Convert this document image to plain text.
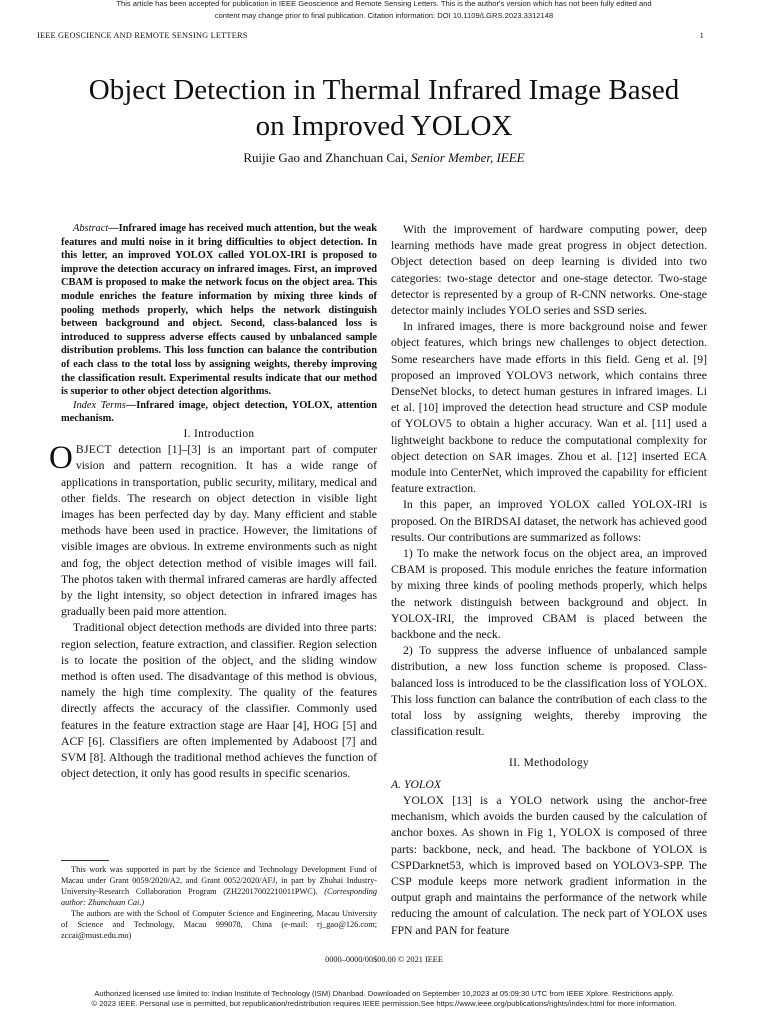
This article has been accepted for publication in IEEE Geoscience and Remote Sensing Letters. This is the author's version which has not been fully edited and
content may change prior to final publication. Citation information: DOI 10.1109/LGRS.2023.3312148
IEEE GEOSCIENCE AND REMOTE SENSING LETTERS	1
Object Detection in Thermal Infrared Image Based
on Improved YOLOX
Ruijie Gao and Zhanchuan Cai, Senior Member, IEEE

Abstract—Infrared image has received much attention, but the weak features and multi noise in it bring difficulties to object detection. In this letter, an improved YOLOX called YOLOX-IRI is proposed to improve the detection accuracy on infrared images. First, an improved CBAM is proposed to make the network focus on the object area. This module enriches the feature information by mixing three kinds of pooling methods properly, which helps the network distinguish between background and object. Second, class-balanced loss is introduced to suppress adverse effects caused by unbalanced sample distribution problems. This loss function can balance the contribution of each class to the total loss by assigning weights, thereby improving the classification result. Experimental results indicate that our method is superior to other object detection algorithms.

Index Terms—Infrared image, object detection, YOLOX, attention mechanism.

I. Introduction

OBJECT detection [1]–[3] is an important part of computer vision and pattern recognition. It has a wide range of applications in transportation, public security, military, medical and other fields. The research on object detection in visible light images has been perfected day by day. Many efficient and stable methods have been used in practice. However, the limitations of visible images are obvious. In extreme environments such as night and fog, the object detection method of visible images will fail. The photos taken with thermal infrared cameras are hardly affected by the light intensity, so object detection in infrared images has gradually been paid more attention.

Traditional object detection methods are divided into three parts: region selection, feature extraction, and classifier. Region selection is to locate the position of the object, and the sliding window method is often used. The disadvantage of this method is obvious, namely the high time complexity. The quality of the features directly affects the accuracy of the classifier. Commonly used features in the feature extraction stage are Haar [4], HOG [5] and ACF [6]. Classifiers are often implemented by Adaboost [7] and SVM [8]. Although the traditional method achieves the function of object detection, it only has good results in specific scenarios.

This work was supported in part by the Science and Technology Development Fund of Macau under Grant 0059/2020/A2, and Grant 0052/2020/AFJ, in part by Zhuhai Industry-University-Research Collaboration Program (ZH22017002210011PWC). (Corresponding author: Zhanchuan Cai.)

The authors are with the School of Computer Science and Engineering, Macau University of Science and Technology, Macau 999078, China (e-mail: rj_gao@126.com; zccai@must.edu.mo)

With the improvement of hardware computing power, deep learning methods have made great progress in object detection. Object detection based on deep learning is divided into two categories: two-stage detector and one-stage detector. Two-stage detector is represented by a group of R-CNN networks. One-stage detector mainly includes YOLO series and SSD series.

In infrared images, there is more background noise and fewer object features, which brings new challenges to object detection. Some researchers have made efforts in this field. Geng et al. [9] proposed an improved YOLOV3 network, which contains three DenseNet blocks, to detect human gestures in infrared images. Li et al. [10] improved the detection head structure and CSP module of YOLOV5 to obtain a higher accuracy. Wan et al. [11] used a lightweight backbone to reduce the computational complexity for object detection on SAR images. Zhou et al. [12] inserted ECA module into CenterNet, which improved the capability for efficient feature extraction.

In this paper, an improved YOLOX called YOLOX-IRI is proposed. On the BIRDSAI dataset, the network has achieved good results. Our contributions are summarized as follows:

1) To make the network focus on the object area, an improved CBAM is proposed. This module enriches the feature information by mixing three kinds of pooling methods properly, which helps the network distinguish between background and object. In YOLOX-IRI, the improved CBAM is placed between the backbone and the neck.

2) To suppress the adverse influence of unbalanced sample distribution, a new loss function scheme is proposed. Class-balanced loss is introduced to be the classification loss of YOLOX. This loss function can balance the contribution of each class to the total loss by assigning weights, thereby improving the classification result.

II. Methodology

A. YOLOX

YOLOX [13] is a YOLO network using the anchor-free mechanism, which avoids the burden caused by the calculation of anchor boxes. As shown in Fig 1, YOLOX is composed of three parts: backbone, neck, and head. The backbone of YOLOX is CSPDarknet53, which is improved based on YOLOV3-SPP. The CSP module keeps more network gradient information in the output graph and maintains the performance of the network while reducing the amount of calculation. The neck part of YOLOX uses FPN and PAN for feature

0000–0000/00$00.00 © 2021 IEEE
Authorized licensed use limited to: Indian Institute of Technology (ISM) Dhanbad. Downloaded on September 10,2023 at 05:09:30 UTC from IEEE Xplore. Restrictions apply.
© 2023 IEEE. Personal use is permitted, but republication/redistribution requires IEEE permission.See https://www.ieee.org/publications/rights/index.html for more information.
